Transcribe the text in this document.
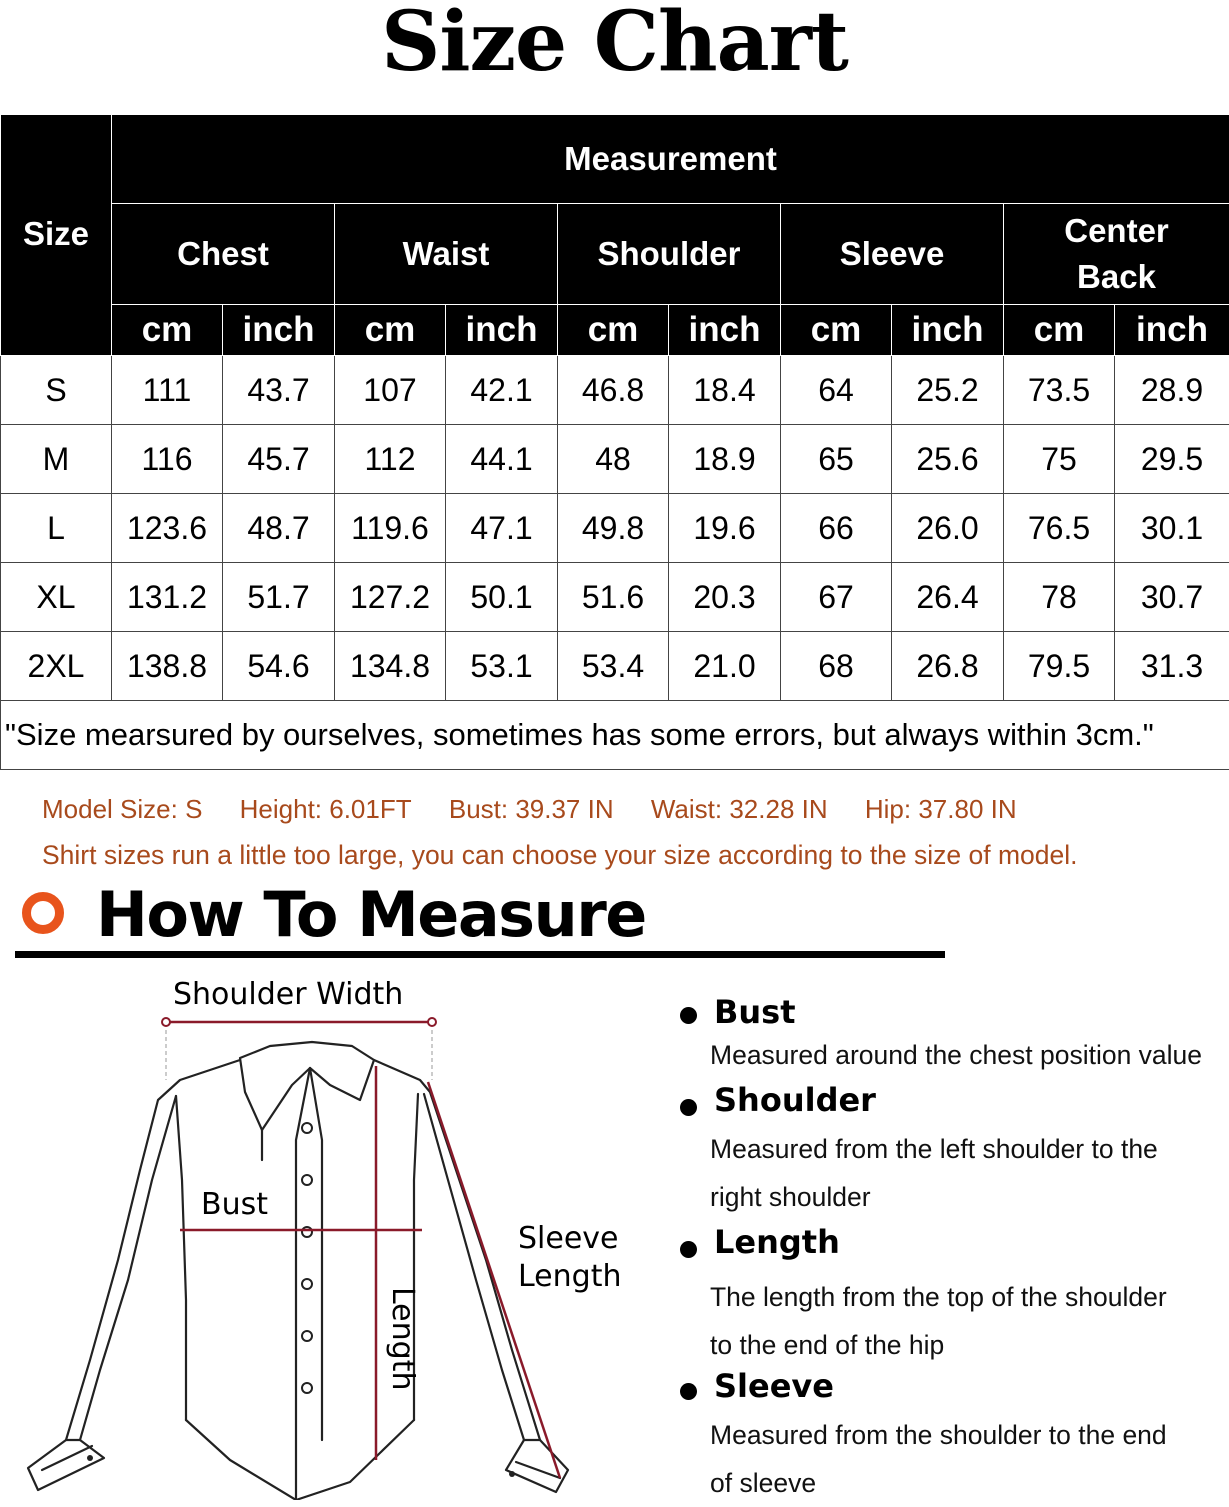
Size Chart
Size	Measurement									
	Chest		Waist		Shoulder		Sleeve		Center Back	
	cm	inch	cm	inch	cm	inch	cm	inch	cm	inch
S	111	43.7	107	42.1	46.8	18.4	64	25.2	73.5	28.9
M	116	45.7	112	44.1	48	18.9	65	25.6	75	29.5
L	123.6	48.7	119.6	47.1	49.8	19.6	66	26.0	76.5	30.1
XL	131.2	51.7	127.2	50.1	51.6	20.3	67	26.4	78	30.7
2XL	138.8	54.6	134.8	53.1	53.4	21.0	68	26.8	79.5	31.3
"Size mearsured by ourselves, sometimes has some errors, but always within 3cm."										
Model Size: S Height: 6.01FT Bust: 39.37 IN Waist: 32.28 IN Hip: 37.80 IN
Shirt sizes run a little too large, you can choose your size according to the size of model.
How To Measure
Shoulder Width
Bust
Length
Sleeve
Length
Bust
Measured around the chest position value
Shoulder
Measured from the left shoulder to the
right shoulder
Length
The length from the top of the shoulder
to the end of the hip
Sleeve
Measured from the shoulder to the end
of sleeve
